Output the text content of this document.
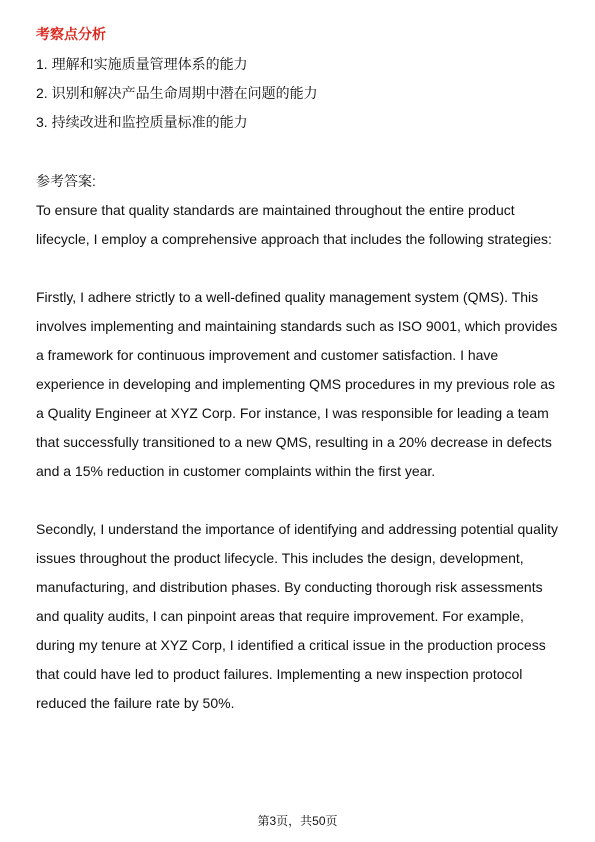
考察点分析
1. 理解和实施质量管理体系的能力
2. 识别和解决产品生命周期中潜在问题的能力
3. 持续改进和监控质量标准的能力
参考答案:

To ensure that quality standards are maintained throughout the entire product lifecycle, I employ a comprehensive approach that includes the following strategies:

Firstly, I adhere strictly to a well-defined quality management system (QMS). This involves implementing and maintaining standards such as ISO 9001, which provides a framework for continuous improvement and customer satisfaction. I have experience in developing and implementing QMS procedures in my previous role as a Quality Engineer at XYZ Corp. For instance, I was responsible for leading a team that successfully transitioned to a new QMS, resulting in a 20% decrease in defects and a 15% reduction in customer complaints within the first year.

Secondly, I understand the importance of identifying and addressing potential quality issues throughout the product lifecycle. This includes the design, development, manufacturing, and distribution phases. By conducting thorough risk assessments and quality audits, I can pinpoint areas that require improvement. For example, during my tenure at XYZ Corp, I identified a critical issue in the production process that could have led to product failures. Implementing a new inspection protocol reduced the failure rate by 50%.

第3页，共50页
